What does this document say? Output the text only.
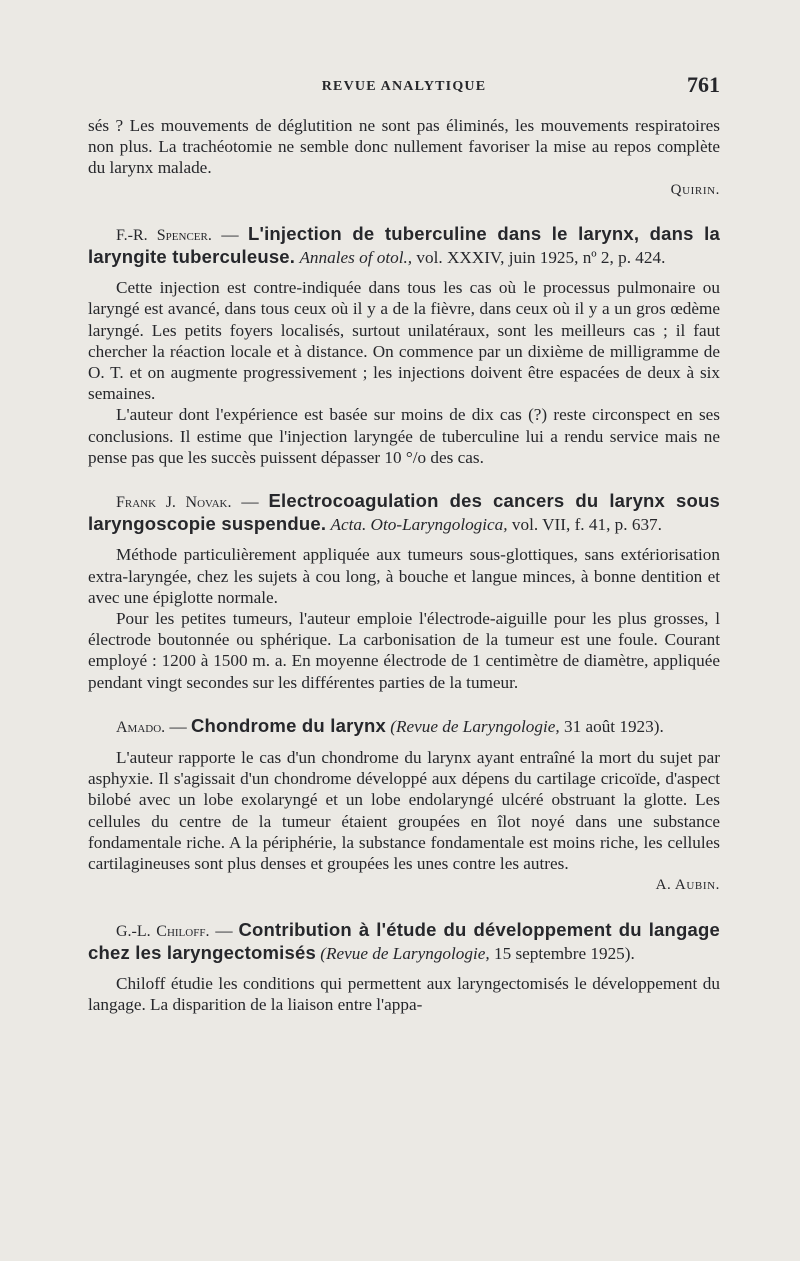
REVUE ANALYTIQUE	761

sés ? Les mouvements de déglutition ne sont pas éliminés, les mouvements respiratoires non plus. La trachéotomie ne semble donc nullement favoriser la mise au repos complète du larynx malade.

Quirin.

F.-R. Spencer. — L'injection de tuberculine dans le larynx, dans la laryngite tuberculeuse. Annales of otol., vol. XXXIV, juin 1925, nº 2, p. 424.

Cette injection est contre-indiquée dans tous les cas où le processus pulmonaire ou laryngé est avancé, dans tous ceux où il y a de la fièvre, dans ceux où il y a un gros œdème laryngé. Les petits foyers localisés, surtout unilatéraux, sont les meilleurs cas ; il faut chercher la réaction locale et à distance. On commence par un dixième de milligramme de O. T. et on augmente progressivement ; les injections doivent être espacées de deux à six semaines.

L'auteur dont l'expérience est basée sur moins de dix cas (?) reste circonspect en ses conclusions. Il estime que l'injection laryngée de tuberculine lui a rendu service mais ne pense pas que les succès puissent dépasser 10 °/o des cas.

Frank J. Novak. — Electrocoagulation des cancers du larynx sous laryngoscopie suspendue. Acta. Oto-Laryngologica, vol. VII, f. 41, p. 637.

Méthode particulièrement appliquée aux tumeurs sous-glottiques, sans extériorisation extra-laryngée, chez les sujets à cou long, à bouche et langue minces, à bonne dentition et avec une épiglotte normale.

Pour les petites tumeurs, l'auteur emploie l'électrode-aiguille pour les plus grosses, l électrode boutonnée ou sphérique. La carbonisation de la tumeur est une foule. Courant employé : 1200 à 1500 m. a. En moyenne électrode de 1 centimètre de diamètre, appliquée pendant vingt secondes sur les différentes parties de la tumeur.

Amado. — Chondrome du larynx (Revue de Laryngologie, 31 août 1923).

L'auteur rapporte le cas d'un chondrome du larynx ayant entraîné la mort du sujet par asphyxie. Il s'agissait d'un chondrome développé aux dépens du cartilage cricoïde, d'aspect bilobé avec un lobe exolaryngé et un lobe endolaryngé ulcéré obstruant la glotte. Les cellules du centre de la tumeur étaient groupées en îlot noyé dans une substance fondamentale riche. A la périphérie, la substance fondamentale est moins riche, les cellules cartilagineuses sont plus denses et groupées les unes contre les autres.

A. Aubin.

G.-L. Chiloff. — Contribution à l'étude du développement du langage chez les laryngectomisés (Revue de Laryngologie, 15 septembre 1925).

Chiloff étudie les conditions qui permettent aux laryngectomisés le développement du langage. La disparition de la liaison entre l'appa-
